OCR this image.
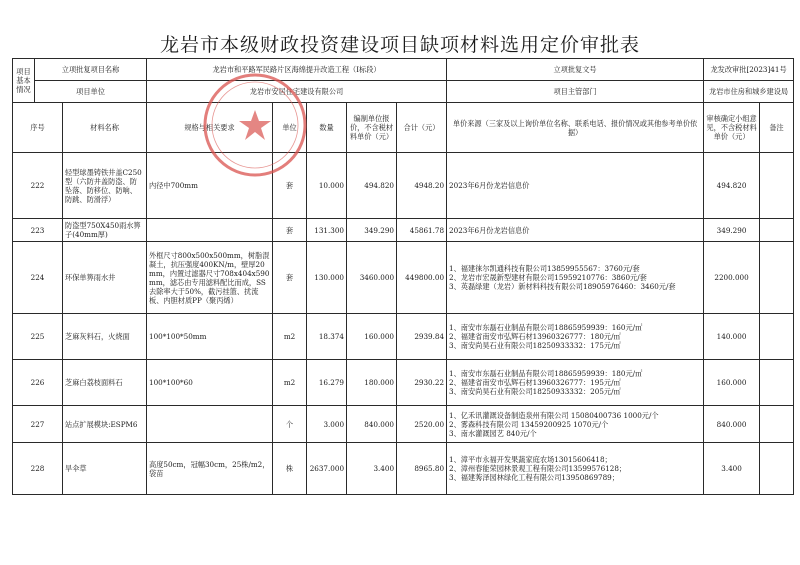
龙岩市本级财政投资建设项目缺项材料选用定价审批表
项目基本情况	立项批复项目名称		龙岩市和平路军民路片区海绵提升改造工程（I标段）					立项批复文号	龙发改审批[2023]41号	
	项目单位		龙岩市安居住宅建设有限公司					项目主管部门	龙岩市住房和城乡建设局	
序号		材料名称	规格与相关要求	单位	数量	编制单位报价，不含税材料单价（元）	合计（元）	单价来源（三家及以上询价单位名称、联系电话、报价情况或其他参考单价依据）	审核确定小组意见，不含税材料单价（元）	备注
222		轻型球墨铸铁井盖C250型（六防井盖防盗、防坠落、防移位、防响、防跳、防滑浮）	内径中700mm	套	10.000	494.820	4948.20	2023年6月份龙岩信息价	494.820	
223		防盗型750X450雨水箅子(40mm厚)		套	131.300	349.290	45861.78	2023年6月份龙岩信息价	349.290	
224		环保单箅雨水井	外框尺寸800x500x500mm，树脂混凝土，抗压强度400KN/m，壁厚20mm，内置过滤器尺寸708x404x590mm，滤芯由专用滤料配比而成，SS去除率大于50%，截污挂篮、扰流板、内胆材质PP（聚丙烯）	套	130.000	3460.000	449800.00	1、福建徕尔凯通科技有限公司13859955567：3760元/套
2、龙岩市宏晟新型建材有限公司15959210776：3860元/套
3、英磊绿建（龙岩）新材料科技有限公司18905976460：3460元/套	2200.000	
225		芝麻灰料石，火烧面	100*100*50mm	m2	18.374	160.000	2939.84	1、南安市东磊石业制品有限公司18865959939：160元/㎡
2、福建省南安市弘辉石材13960326777：180元/㎡
3、南安尚昊石业有限公司18250933332：175元/㎡	140.000	
226		芝麻白荔枝面料石	100*100*60	m2	16.279	180.000	2930.22	1、南安市东磊石业制品有限公司18865959939：180元/㎡
2、福建省南安市弘辉石材13960326777：195元/㎡
3、南安尚昊石业有限公司18250933332：205元/㎡	160.000	
227		站点扩展模块:ESPM6		个	3.000	840.000	2520.00	1、亿禾讯灌溉设备制造泉州有限公司 15080400736 1000元/个
2、雾森科技有限公司 13459200925 1070元/个
3、南水灌溉园艺 840元/个	840.000	
228		旱伞草	高度50cm，冠幅30cm，25株/m2，袋苗	株	2637.000	3.400	8965.80	1、漳平市永福开发果蔬家庭农场13015606418；
2、漳州春能荣园林景观工程有限公司13599576128；
3、福建莠泽园林绿化工程有限公司13950869789；	3.400	
